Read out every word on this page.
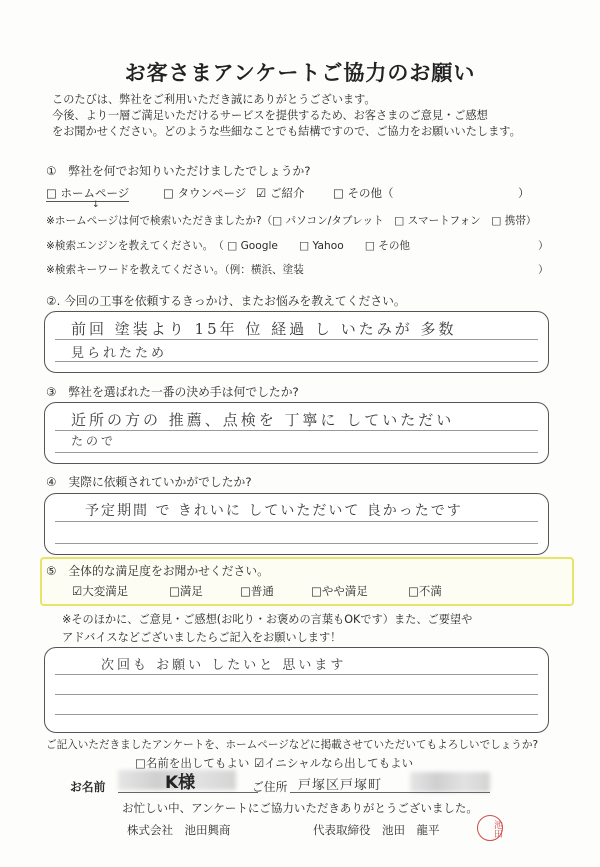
お客さまアンケートご協力のお願い
このたびは、弊社をご利用いただき誠にありがとうございます。
今後、より一層ご満足いただけるサービスを提供するため、お客さまのご意見・ご感想
をお聞かせください。どのような些細なことでも結構ですので、ご協力をお願いいたします。
①　弊社を何でお知りいただけましたでしょうか?
□ ホームページ	□ タウンページ ☑ ご紹介 □ その他（	）
↓
※ホームページは何で検索いただきましたか?（□ パソコン/タブレット　□ スマートフォン　□ 携帯）
※検索エンジンを教えてください。　（ □ Google　　□ Yahoo　　□ その他	）
※検索キーワードを教えてください。（例：横浜、塗装	）
②. 今回の工事を依頼するきっかけ、またお悩みを教えてください。
前回 塗装より 15年 位 経過 し いたみが 多数
見られたため
③　弊社を選ばれた一番の決め手は何でしたか?
近所の方の 推薦、点検を 丁寧に していただい
たので
④　実際に依頼されていかがでしたか?
予定期間 で きれいに していただいて 良かったです
⑤　全体的な満足度をお聞かせください。
☑大変満足	□満足	□普通	□やや満足	□不満
※そのほかに、ご意見・ご感想(お叱り・お褒めの言葉もOKです）また、ご要望や
アドバイスなどございましたらご記入をお願いします！
次回も お願い したいと 思います
ご記入いただきましたアンケートを、ホームページなどに掲載させていただいてもよろしいでしょうか?
□名前を出してもよい ☑イニシャルなら出してもよい
お名前	K様	ご住所 戸塚区戸塚町
お忙しい中、アンケートにご協力いただきありがとうございました。
株式会社　池田興商	代表取締役　池田　龍平	池田
